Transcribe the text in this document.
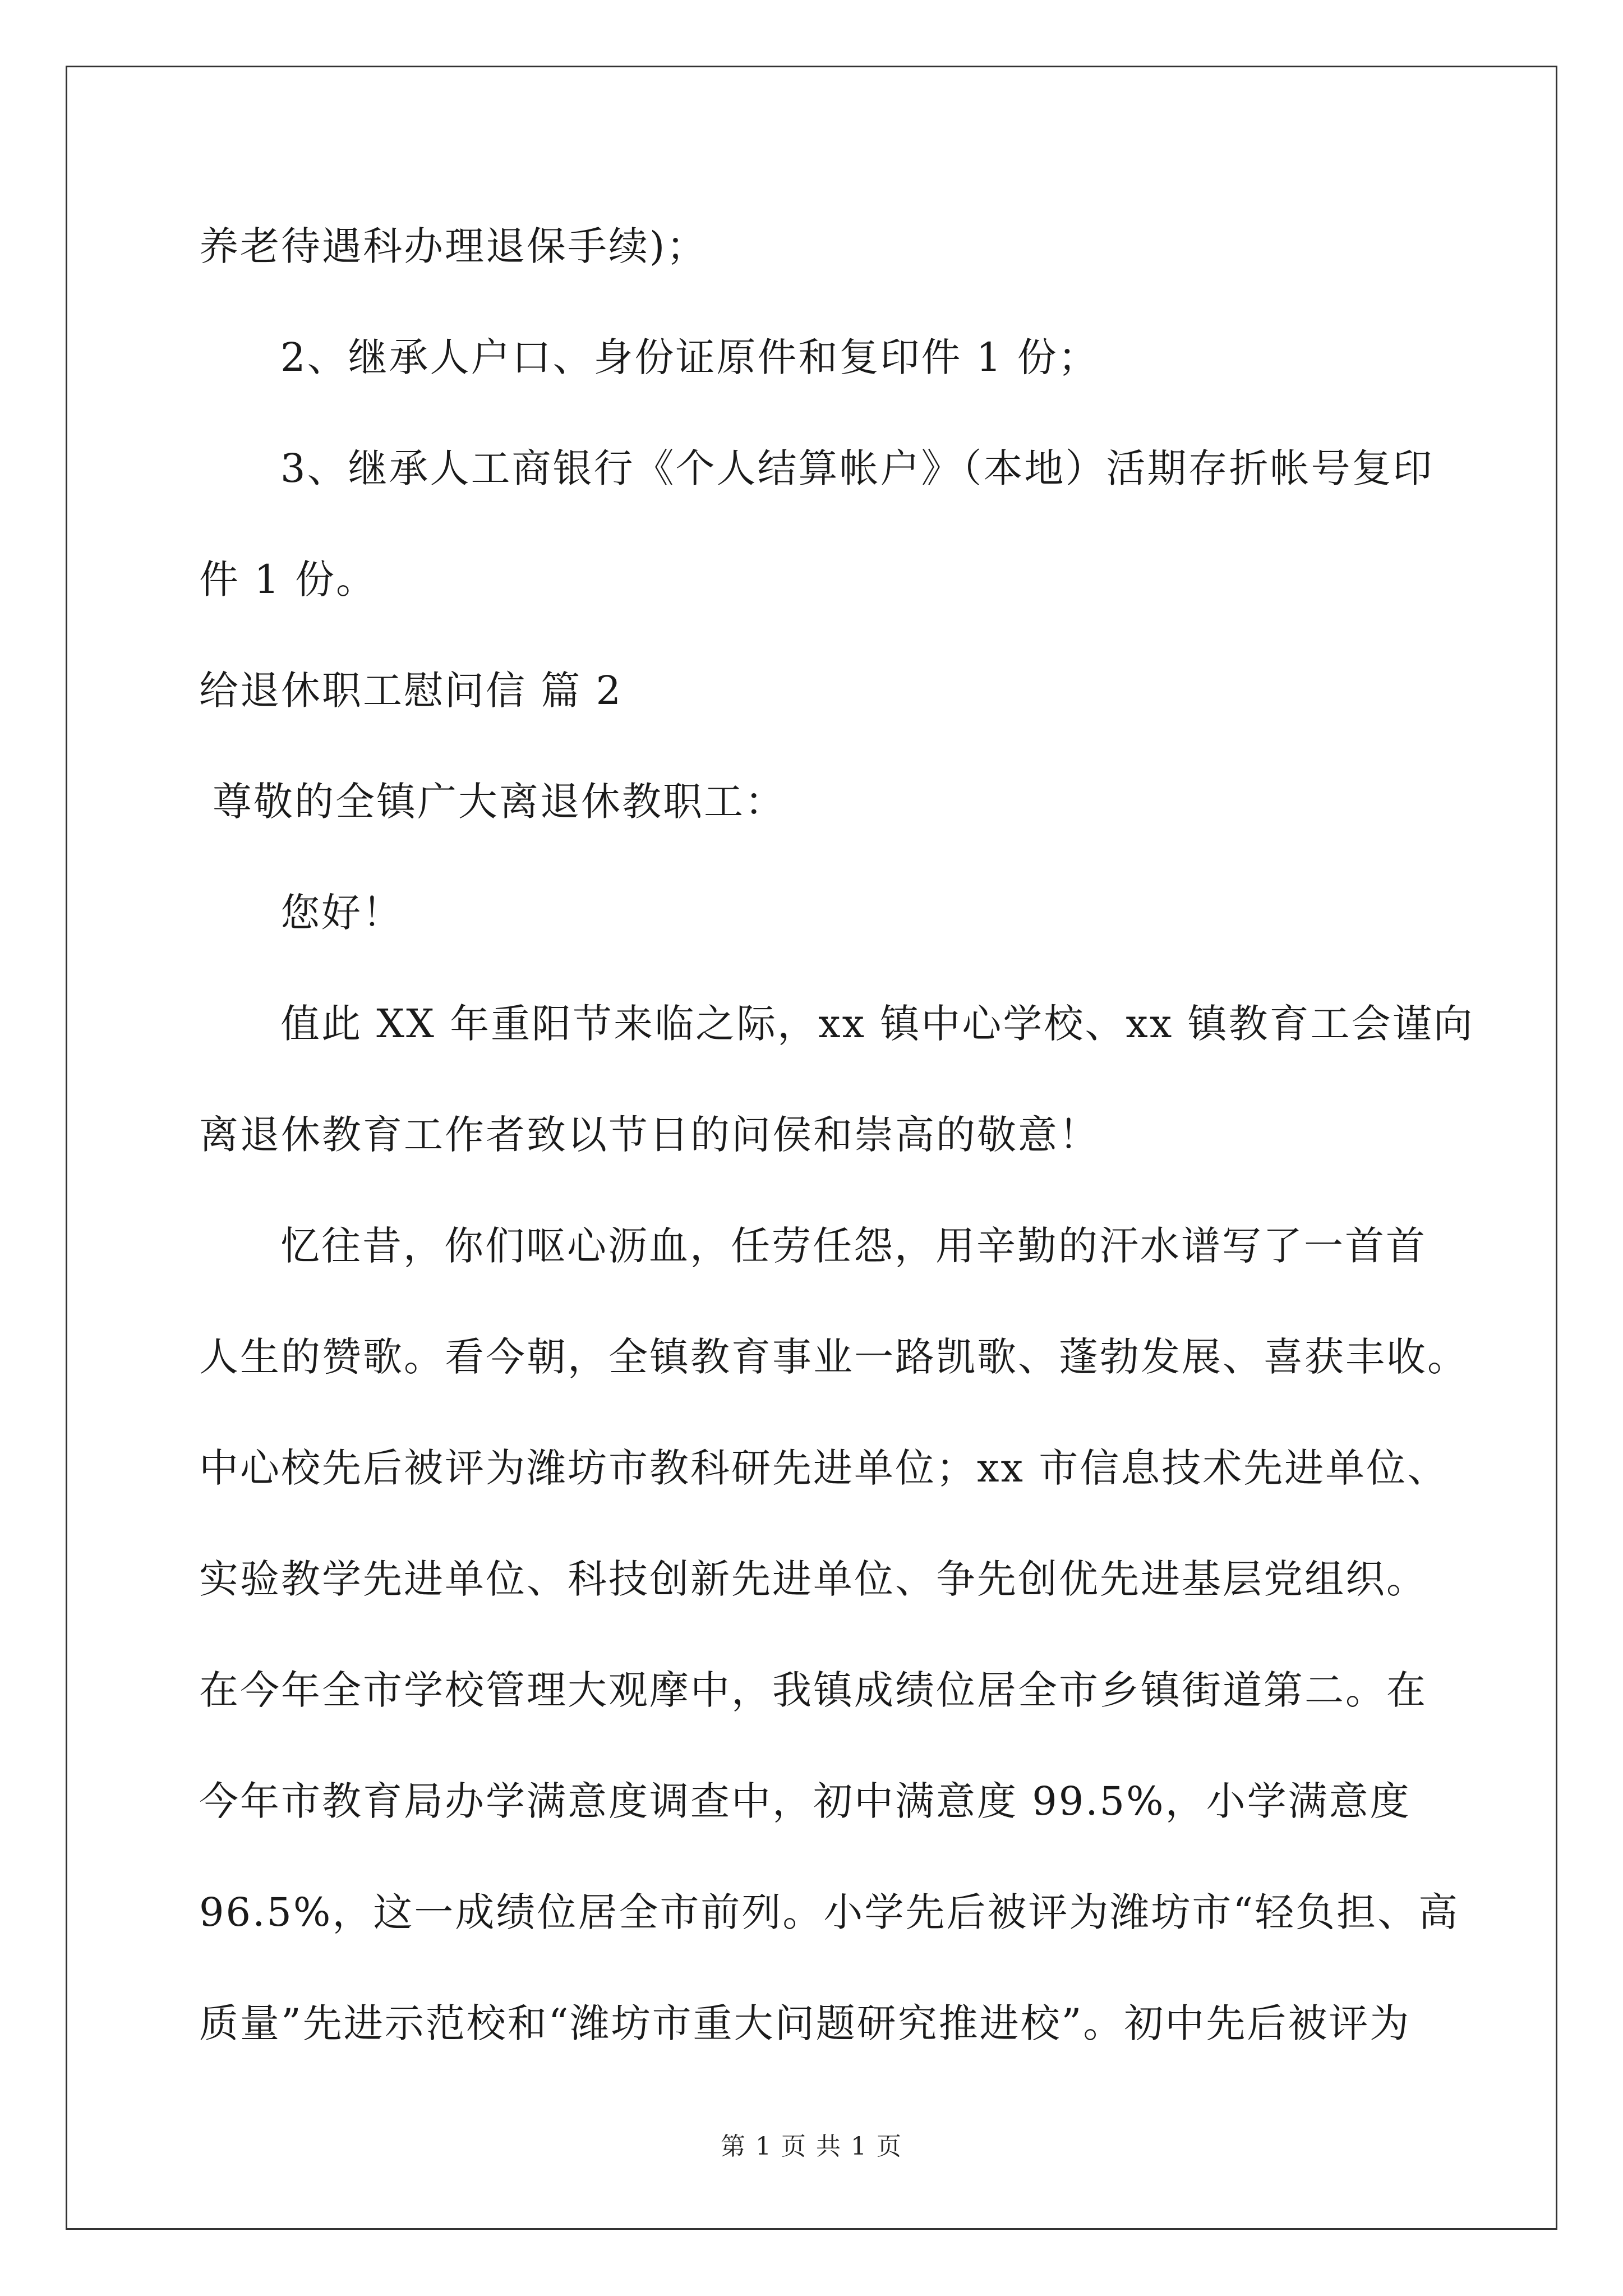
养老待遇科办理退保手续)；
2、继承人户口、身份证原件和复印件 1 份；
3、继承人工商银行《个人结算帐户》（本地）活期存折帐号复印
件 1 份。
给退休职工慰问信 篇 2
尊敬的全镇广大离退休教职工：
您好！
值此 XX 年重阳节来临之际，xx 镇中心学校、xx 镇教育工会谨向
离退休教育工作者致以节日的问侯和崇高的敬意！
忆往昔，你们呕心沥血，任劳任怨，用辛勤的汗水谱写了一首首
人生的赞歌。看今朝，全镇教育事业一路凯歌、蓬勃发展、喜获丰收。
中心校先后被评为潍坊市教科研先进单位；xx 市信息技术先进单位、
实验教学先进单位、科技创新先进单位、争先创优先进基层党组织。
在今年全市学校管理大观摩中，我镇成绩位居全市乡镇街道第二。在
今年市教育局办学满意度调查中，初中满意度 99.5%，小学满意度
96.5%，这一成绩位居全市前列。小学先后被评为潍坊市“轻负担、高
质量”先进示范校和“潍坊市重大问题研究推进校”。初中先后被评为
第 1 页 共 1 页
